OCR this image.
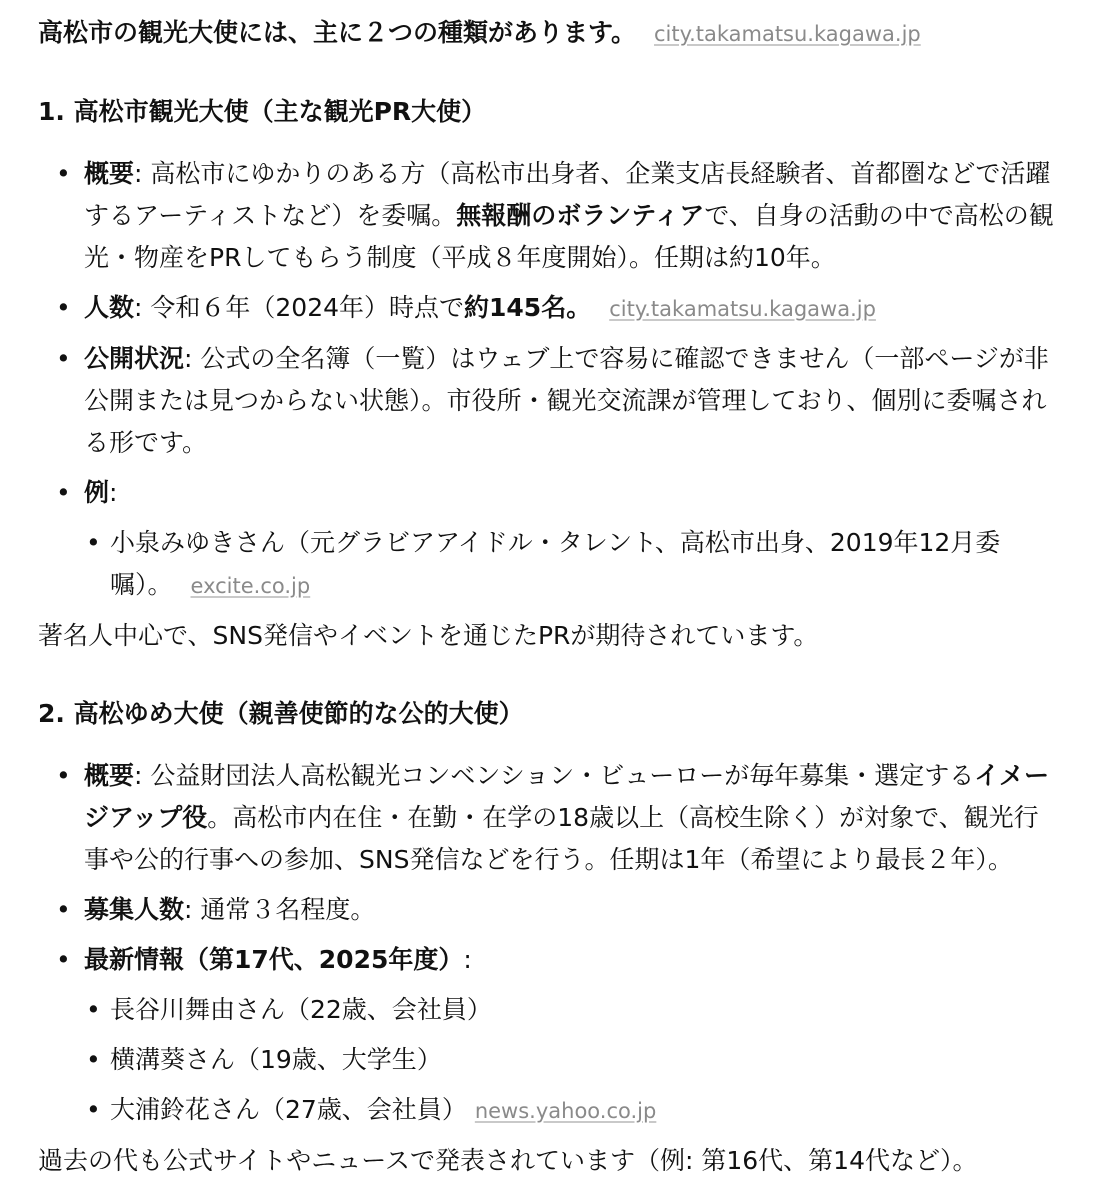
高松市の観光大使には、主に２つの種類があります。 city.takamatsu.kagawa.jp

1. 高松市観光大使（主な観光PR大使）
• 概要: 高松市にゆかりのある方（高松市出身者、企業支店長経験者、首都圏などで活躍するアーティストなど）を委嘱。無報酬のボランティアで、自身の活動の中で高松の観光・物産をPRしてもらう制度（平成８年度開始）。任期は約10年。
• 人数: 令和６年（2024年）時点で約145名。 city.takamatsu.kagawa.jp
• 公開状況: 公式の全名簿（一覧）はウェブ上で容易に確認できません（一部ページが非公開または見つからない状態）。市役所・観光交流課が管理しており、個別に委嘱される形です。
• 例:
• 小泉みゆきさん（元グラビアアイドル・タレント、高松市出身、2019年12月委嘱）。 excite.co.jp

著名人中心で、SNS発信やイベントを通じたPRが期待されています。

2. 高松ゆめ大使（親善使節的な公的大使）
• 概要: 公益財団法人高松観光コンベンション・ビューローが毎年募集・選定するイメージアップ役。高松市内在住・在勤・在学の18歳以上（高校生除く）が対象で、観光行事や公的行事への参加、SNS発信などを行う。任期は1年（希望により最長２年）。
• 募集人数: 通常３名程度。
• 最新情報（第17代、2025年度）:
• 長谷川舞由さん（22歳、会社員）
• 横溝葵さん（19歳、大学生）
• 大浦鈴花さん（27歳、会社員） news.yahoo.co.jp

過去の代も公式サイトやニュースで発表されています（例: 第16代、第14代など）。
